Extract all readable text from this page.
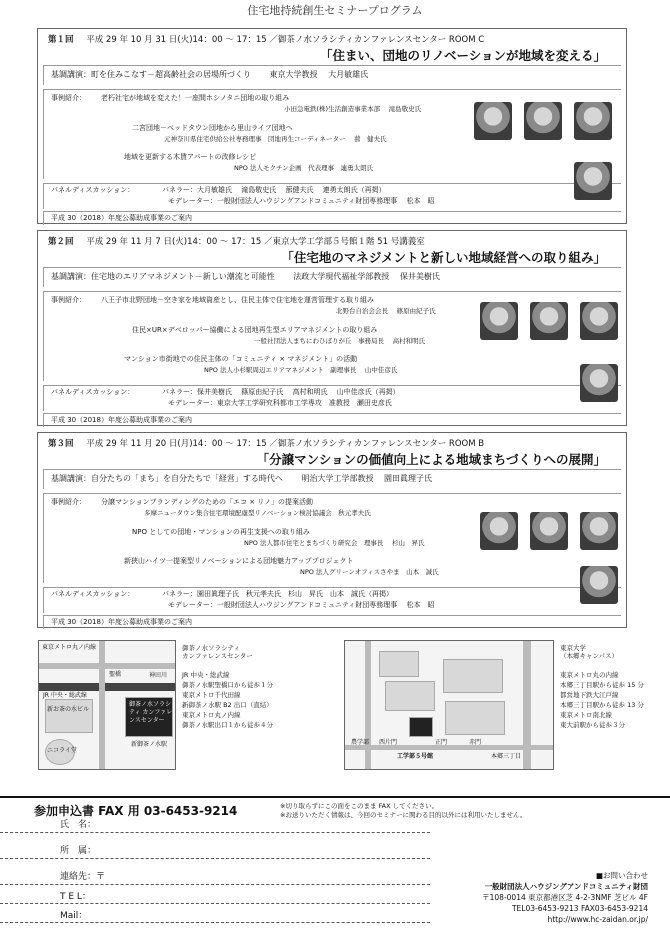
住宅地持続創生セミナープログラム
第１回 平成 29 年 10 月 31 日(火)14：00 ～ 17：15 ／御茶ノ水ソラシティカンファレンスセンター ROOM C
「住まい、団地のリノベーションが地域を変える」
基調講演：町を住みこなす－超高齢社会の居場所づくり　　 東京大学教授　 大月敏雄氏
事例紹介： 老朽社宅が地域を変えた！一座間ホシノタニ団地の取り組み
小田急電鉄(株)生活創造事業本部　 滝島敬史氏
二宮団地－ベッドタウン団地から里山ライフ団地へ
元神奈川県住宅供給公社専務理事　団地再生コーディネーター　 蔀　健夫氏
地域を更新する木賃アパートの改修レシピ
NPO 法人モクチン企画　代表理事　連勇太朗氏
パネルディスカッション：	パネラー：大月敏雄氏　 滝島敬史氏　 蔀健夫氏　 連勇太朗氏（再掲）
モデレーター：一般財団法人ハウジングアンドコミュニティ財団専務理事　 松本　昭
平成 30（2018）年度公募助成事業のご案内
第２回 平成 29 年 11 月 7 日(火)14：00 ～ 17：15 ／東京大学工学部５号館１階 51 号講義室
「住宅地のマネジメントと新しい地域経営への取り組み」
基調講演：住宅地のエリアマネジメント－新しい潮流と可能性　　 法政大学現代福祉学部教授　 保井美樹氏
事例紹介： 八王子市北野団地－空き家を地域資産とし、住民主体で住宅地を運営管理する取り組み
北野台自治会会長　 篠原由紀子氏
住民×UR×デベロッパー協働による団地再生型エリアマネジメントの取り組み
一般社団法人まちにわひばりが丘　事務局長　 高村和明氏
マンション市街地での住民主体の「コミュニティ × マネジメント」の活動
NPO 法人小杉駅周辺エリアマネジメント　副理事長　 山中佳彦氏
パネルディスカッション：	パネラー：保井美樹氏　 篠原由紀子氏　 高村和明氏　 山中佳彦氏（再掲）
モデレーター：東京大学工学研究科都市工学専攻　准教授　瀬田史彦氏
平成 30（2018）年度公募助成事業のご案内
第３回 平成 29 年 11 月 20 日(月)14：00 ～ 17：15 ／御茶ノ水ソラシティカンファレンスセンター ROOM B
「分譲マンションの価値向上による地域まちづくりへの展開」
基調講演：自分たちの「まち」を自分たちで「経営」する時代へ　　 明治大学工学部教授　 園田眞理子氏
事例紹介： 分譲マンションブランディングのための「エコ × リノ」の提案活動
多摩ニュータウン集合住宅環境配慮型リノベーション検討協議会　秋元孝夫氏
NPO としての団地・マンションの再生支援への取り組み
NPO 法人都市住宅とまちづくり研究会　理事長　 杉山　昇氏
新狭山ハイツ一提案型リノベーションによる団地魅力アッププロジェクト
NPO 法人グリーンオフィスさやま　山本　誠氏
パネルディスカッション：	パネラー：園田眞理子氏　秋元孝夫氏　杉山　昇氏　山本　誠氏（再掲）
モデレーター：一般財団法人ハウジングアンドコミュニティ財団専務理事　 松本　昭
平成 30（2018）年度公募助成事業のご案内
東京メトロ丸ノ内線
聖橋
JR 中央・総武線
新お茶の水ビル
神田川
ニコライ堂
新御茶ノ水駅
御茶ノ水ソラシティ カンファレンスセンター
御茶ノ水ソラシティ
カンファレンスセンター
JR 中央・総武線
御茶ノ水駅聖橋口から徒歩１分
東京メトロ千代田線
新御茶ノ水駅 B2 出口（直結）
東京メトロ丸ノ内線
御茶ノ水駅出口１から徒歩４分
農学部 西片門	正門	赤門
工学部５号館	本郷三丁目
東京大学
（本郷キャンパス）
東京メトロ丸の内線
本郷三丁目駅から徒歩 15 分
都営地下鉄大江戸線
本郷三丁目駅から徒歩 13 分
東京メトロ南北線
東大前駅から徒歩３分
参加申込書 FAX 用 03-6453-9214	※切り取らずにこの面をこのまま FAX してください。
※お送りいただく情報は、今回のセミナーに関わる目的以外には利用いたしません。
氏　名：
所　属：
連絡先：〒
T E L：
Mail：
■お問い合わせ
一般財団法人ハウジングアンドコミュニティ財団
〒108-0014 東京都港区芝 4-2-3NMF 芝ビル 4F
TEL03-6453-9213 FAX03-6453-9214
http://www.hc-zaidan.or.jp/
